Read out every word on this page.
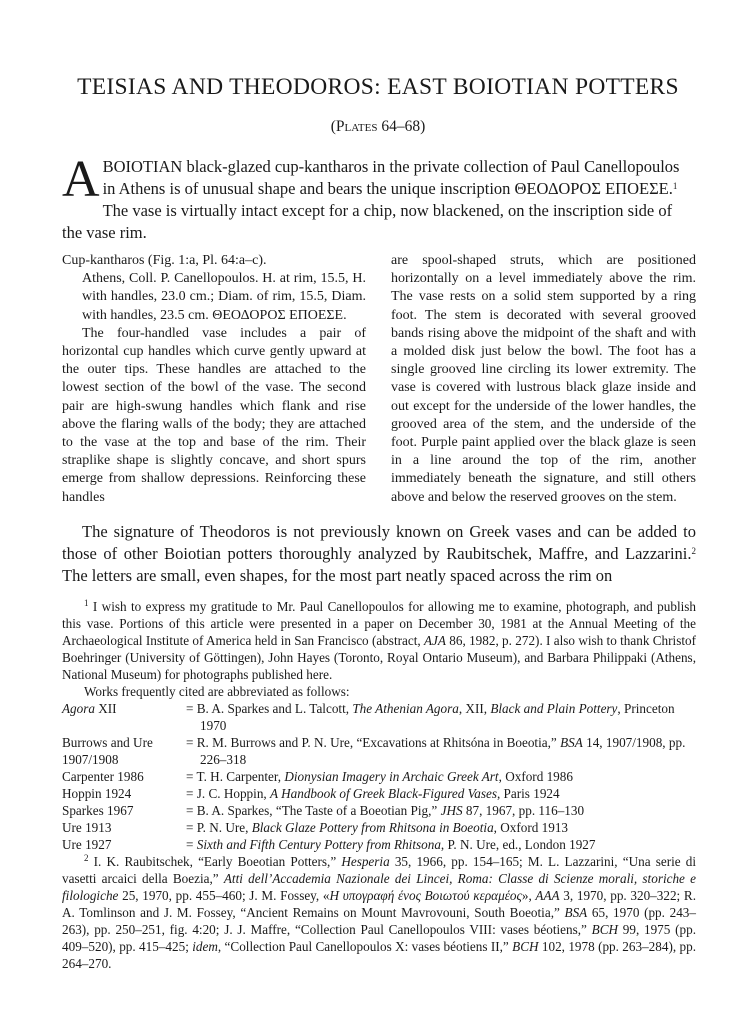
TEISIAS AND THEODOROS: EAST BOIOTIAN POTTERS
(Plates 64–68)

A BOIOTIAN black-glazed cup-kantharos in the private collection of Paul Canellopoulos in Athens is of unusual shape and bears the unique inscription ΘΕΟΔΟΡΟΣ ΕΠΟΕΣΕ.$^1$ The vase is virtually intact except for a chip, now blackened, on the inscription side of the vase rim.

Cup-kantharos (Fig. 1:a, Pl. 64:a–c).

Athens, Coll. P. Canellopoulos. H. at rim, 15.5, H. with handles, 23.0 cm.; Diam. of rim, 15.5, Diam. with handles, 23.5 cm. ΘΕΟΔΟΡΟΣ ΕΠΟΕΣΕ.

The four-handled vase includes a pair of horizontal cup handles which curve gently upward at the outer tips. These handles are attached to the lowest section of the bowl of the vase. The second pair are high-swung handles which flank and rise above the flaring walls of the body; they are attached to the vase at the top and base of the rim. Their straplike shape is slightly concave, and short spurs emerge from shallow depressions. Reinforcing these handles

are spool-shaped struts, which are positioned horizontally on a level immediately above the rim. The vase rests on a solid stem supported by a ring foot. The stem is decorated with several grooved bands rising above the midpoint of the shaft and with a molded disk just below the bowl. The foot has a single grooved line circling its lower extremity. The vase is covered with lustrous black glaze inside and out except for the underside of the lower handles, the grooved area of the stem, and the underside of the foot. Purple paint applied over the black glaze is seen in a line around the top of the rim, another immediately beneath the signature, and still others above and below the reserved grooves on the stem.

The signature of Theodoros is not previously known on Greek vases and can be added to those of other Boiotian potters thoroughly analyzed by Raubitschek, Maffre, and Lazzarini.$^2$ The letters are small, even shapes, for the most part neatly spaced across the rim on

$^1$ I wish to express my gratitude to Mr. Paul Canellopoulos for allowing me to examine, photograph, and publish this vase. Portions of this article were presented in a paper on December 30, 1981 at the Annual Meeting of the Archaeological Institute of America held in San Francisco (abstract, AJA 86, 1982, p. 272). I also wish to thank Christof Boehringer (University of Göttingen), John Hayes (Toronto, Royal Ontario Museum), and Barbara Philippaki (Athens, National Museum) for photographs published here.

Works frequently cited are abbreviated as follows:

Agora XII	= B. A. Sparkes and L. Talcott, The Athenian Agora, XII, Black and Plain Pottery, Princeton 1970
Burrows and Ure 1907/1908
= R. M. Burrows and P. N. Ure, “Excavations at Rhitsóna in Boeotia,” BSA 14, 1907/1908, pp. 226–318
Carpenter 1986	= T. H. Carpenter, Dionysian Imagery in Archaic Greek Art, Oxford 1986
Hoppin 1924	= J. C. Hoppin, A Handbook of Greek Black-Figured Vases, Paris 1924
Sparkes 1967	= B. A. Sparkes, “The Taste of a Boeotian Pig,” JHS 87, 1967, pp. 116–130
Ure 1913	= P. N. Ure, Black Glaze Pottery from Rhitsona in Boeotia, Oxford 1913
Ure 1927	= Sixth and Fifth Century Pottery from Rhitsona, P. N. Ure, ed., London 1927

$^2$ I. K. Raubitschek, “Early Boeotian Potters,” Hesperia 35, 1966, pp. 154–165; M. L. Lazzarini, “Una serie di vasetti arcaici della Boezia,” Atti dell’Accademia Nazionale dei Lincei, Roma: Classe di Scienze morali, storiche e filologiche 25, 1970, pp. 455–460; J. M. Fossey, «Η υπογραφή ένος Βοιωτού κεραμέος», AAA 3, 1970, pp. 320–322; R. A. Tomlinson and J. M. Fossey, “Ancient Remains on Mount Mavrovouni, South Boeotia,” BSA 65, 1970 (pp. 243–263), pp. 250–251, fig. 4:20; J. J. Maffre, “Collection Paul Canellopoulos VIII: vases béotiens,” BCH 99, 1975 (pp. 409–520), pp. 415–425; idem, “Collection Paul Canellopoulos X: vases béotiens II,” BCH 102, 1978 (pp. 263–284), pp. 264–270.
